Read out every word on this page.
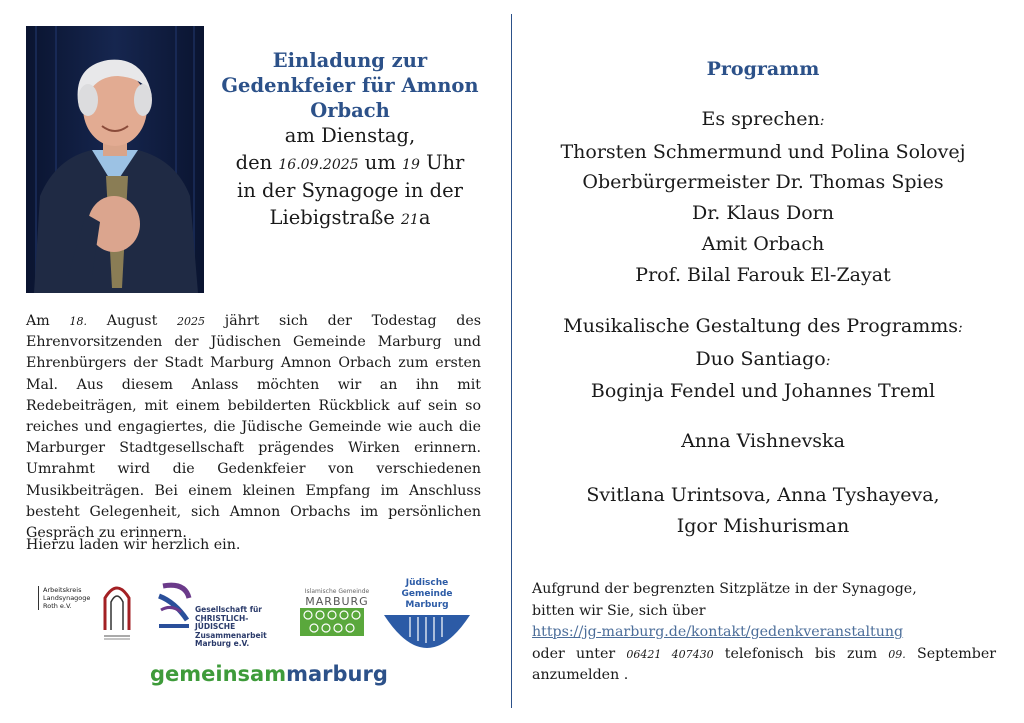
Einladung zur
Gedenkfeier für Amnon
Orbach
am Dienstag,
den 16.09.2025 um 19 Uhr
in der Synagoge in der
Liebigstraße 21a
Am 18. August 2025 jährt sich der Todestag des Ehrenvorsitzenden der Jüdischen Gemeinde Marburg und Ehrenbürgers der Stadt Marburg Amnon Orbach zum ersten Mal. Aus diesem Anlass möchten wir an ihn mit Redebeiträgen, mit einem bebilderten Rückblick auf sein so reiches und engagiertes, die Jüdische Gemeinde wie auch die Marburger Stadtgesellschaft prägendes Wirken erinnern. Umrahmt wird die Gedenkfeier von verschiedenen Musikbeiträgen. Bei einem kleinen Empfang im Anschluss besteht Gelegenheit, sich Amnon Orbachs im persönlichen Gespräch zu erinnern.
Hierzu laden wir herzlich ein.
Arbeitskreis
Landsynagoge
Roth e.V.	Gesellschaft für
CHRISTLICH-JÜDISCHE
Zusammenarbeit
Marburg e.V.
Islamische Gemeinde
MARBURG
Jüdische Gemeinde
Marburg
gemeinsammarburg
Programm
Es sprechen:
Thorsten Schmermund und Polina Solovej
Oberbürgermeister Dr. Thomas Spies
Dr. Klaus Dorn
Amit Orbach
Prof. Bilal Farouk El-Zayat
Musikalische Gestaltung des Programms:
Duo Santiago:
Boginja Fendel und Johannes Treml
Anna Vishnevska
Svitlana Urintsova, Anna Tyshayeva,
Igor Mishurisman
Aufgrund der begrenzten Sitzplätze in der Synagoge,
bitten wir Sie, sich über
https://jg-marburg.de/kontakt/gedenkveranstaltung
oder unter 06421 407430 telefonisch bis zum 09. September
anzumelden .
